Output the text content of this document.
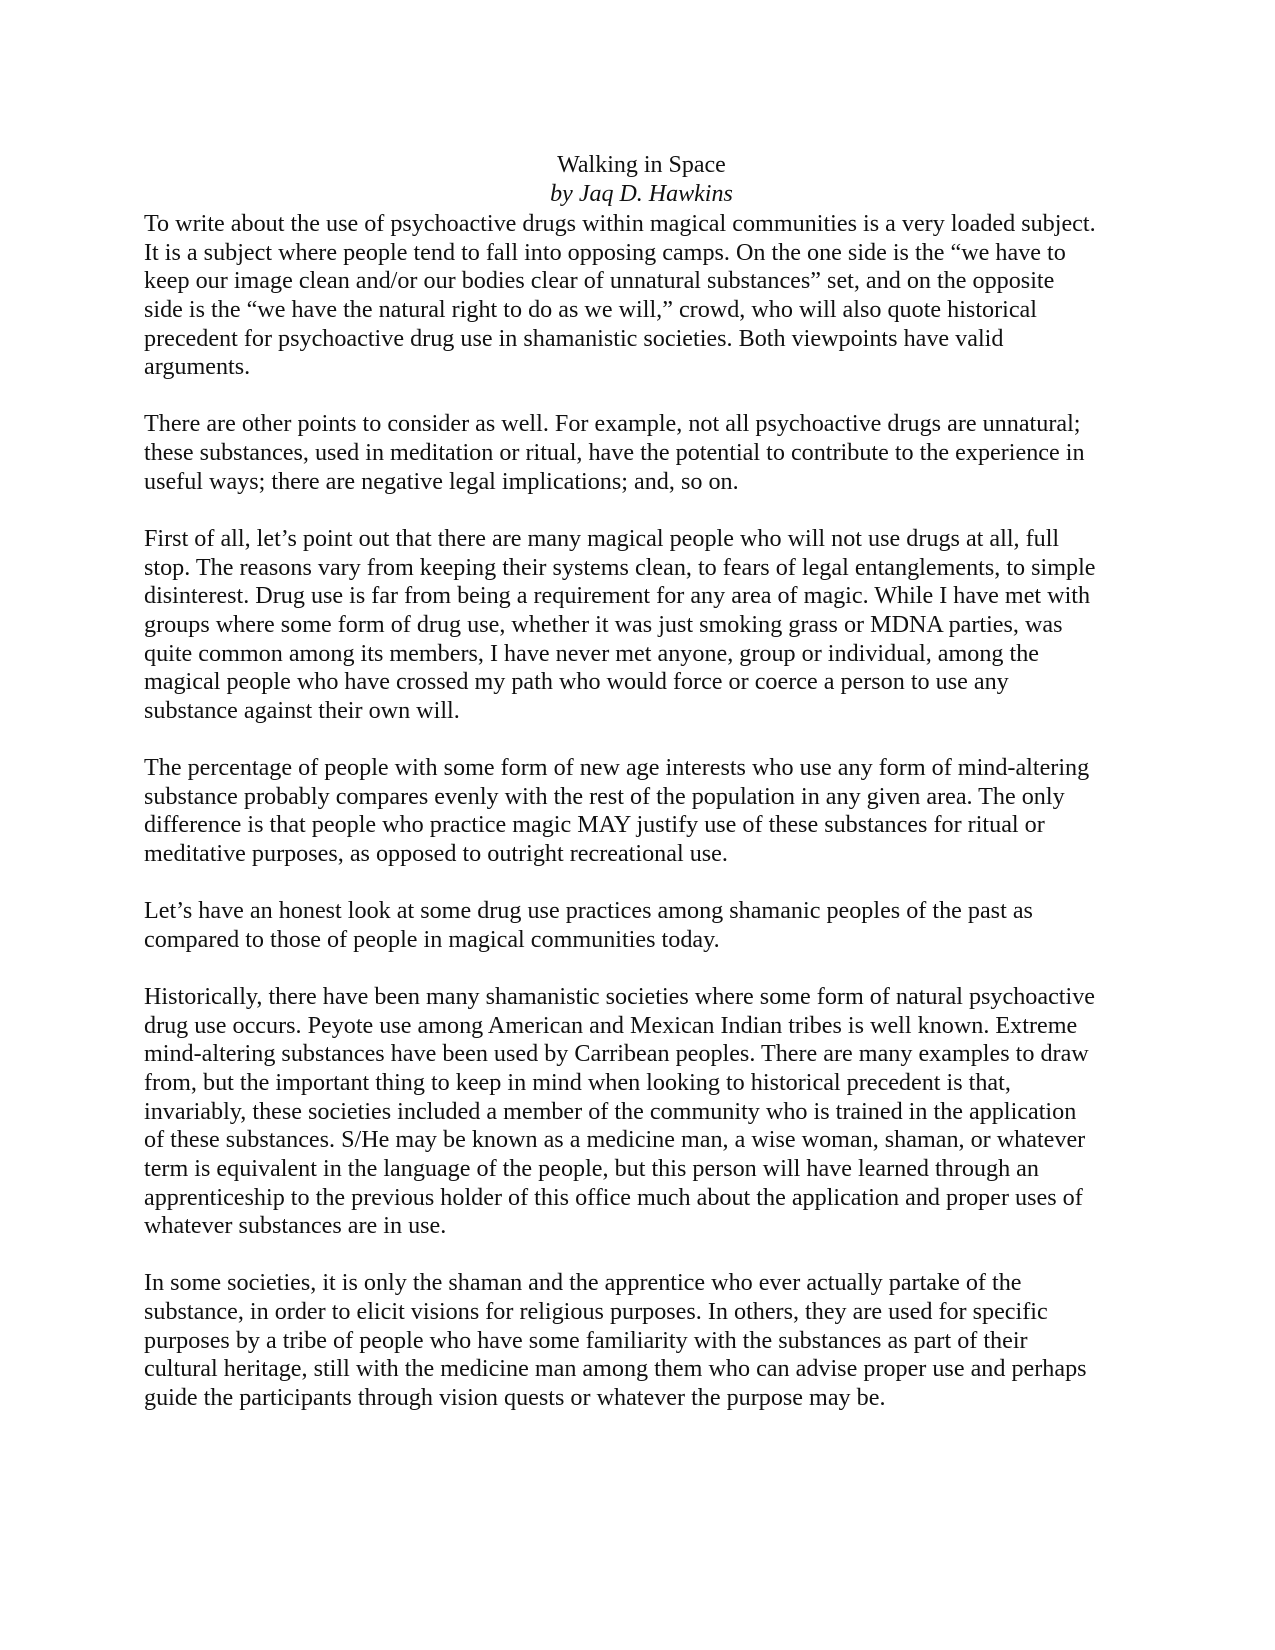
Walking in Space
by Jaq D. Hawkins

To write about the use of psychoactive drugs within magical communities is a very loaded subject.
It is a subject where people tend to fall into opposing camps. On the one side is the “we have to
keep our image clean and/or our bodies clear of unnatural substances” set, and on the opposite
side is the “we have the natural right to do as we will,” crowd, who will also quote historical
precedent for psychoactive drug use in shamanistic societies. Both viewpoints have valid
arguments.

There are other points to consider as well. For example, not all psychoactive drugs are unnatural;
these substances, used in meditation or ritual, have the potential to contribute to the experience in
useful ways; there are negative legal implications; and, so on.

First of all, let’s point out that there are many magical people who will not use drugs at all, full
stop. The reasons vary from keeping their systems clean, to fears of legal entanglements, to simple
disinterest. Drug use is far from being a requirement for any area of magic. While I have met with
groups where some form of drug use, whether it was just smoking grass or MDNA parties, was
quite common among its members, I have never met anyone, group or individual, among the
magical people who have crossed my path who would force or coerce a person to use any
substance against their own will.

The percentage of people with some form of new age interests who use any form of mind-altering
substance probably compares evenly with the rest of the population in any given area. The only
difference is that people who practice magic MAY justify use of these substances for ritual or
meditative purposes, as opposed to outright recreational use.

Let’s have an honest look at some drug use practices among shamanic peoples of the past as
compared to those of people in magical communities today.

Historically, there have been many shamanistic societies where some form of natural psychoactive
drug use occurs. Peyote use among American and Mexican Indian tribes is well known. Extreme
mind-altering substances have been used by Carribean peoples. There are many examples to draw
from, but the important thing to keep in mind when looking to historical precedent is that,
invariably, these societies included a member of the community who is trained in the application
of these substances. S/He may be known as a medicine man, a wise woman, shaman, or whatever
term is equivalent in the language of the people, but this person will have learned through an
apprenticeship to the previous holder of this office much about the application and proper uses of
whatever substances are in use.

In some societies, it is only the shaman and the apprentice who ever actually partake of the
substance, in order to elicit visions for religious purposes. In others, they are used for specific
purposes by a tribe of people who have some familiarity with the substances as part of their
cultural heritage, still with the medicine man among them who can advise proper use and perhaps
guide the participants through vision quests or whatever the purpose may be.
